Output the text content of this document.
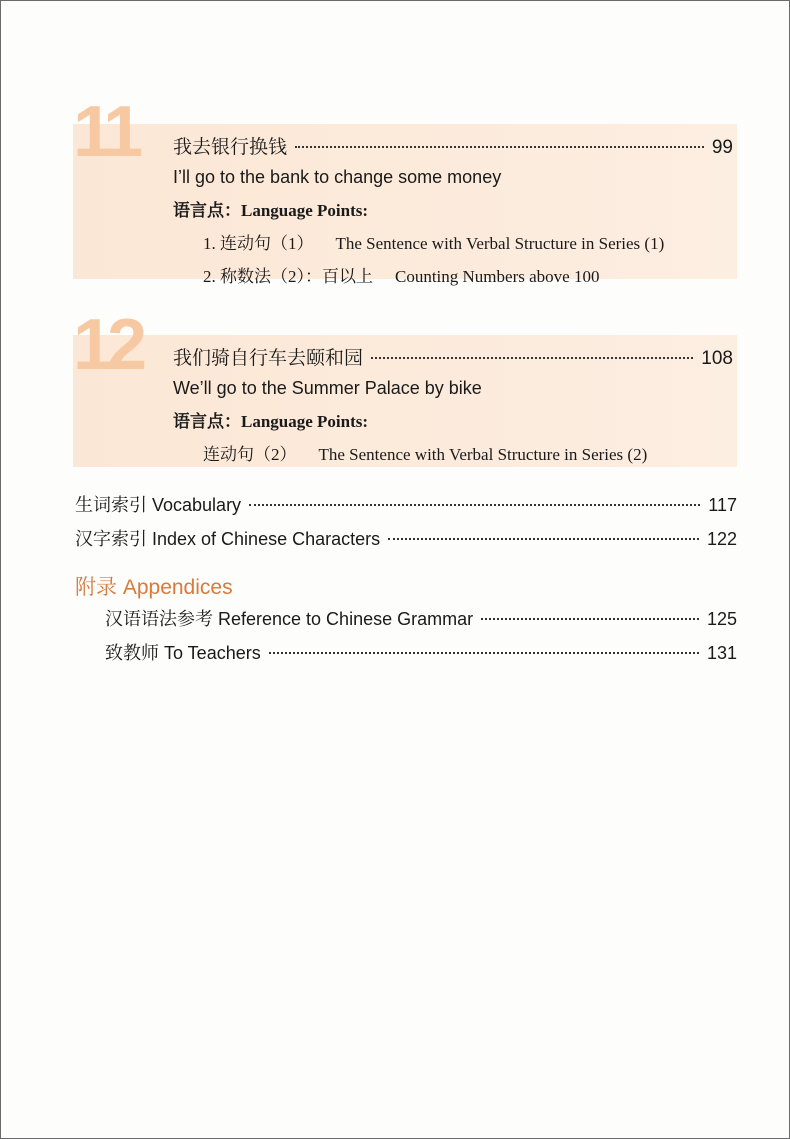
11 我去银行换钱	99
I’ll go to the bank to change some money
语言点：Language Points:
1. 连动句（1） The Sentence with Verbal Structure in Series (1)
2. 称数法（2）：百以上 Counting Numbers above 100
12 我们骑自行车去颐和园	108
We’ll go to the Summer Palace by bike
语言点：Language Points:
连动句（2） The Sentence with Verbal Structure in Series (2)
生词索引 Vocabulary	117
汉字索引 Index of Chinese Characters	122
附录 Appendices
汉语语法参考 Reference to Chinese Grammar	125
致教师 To Teachers	131
